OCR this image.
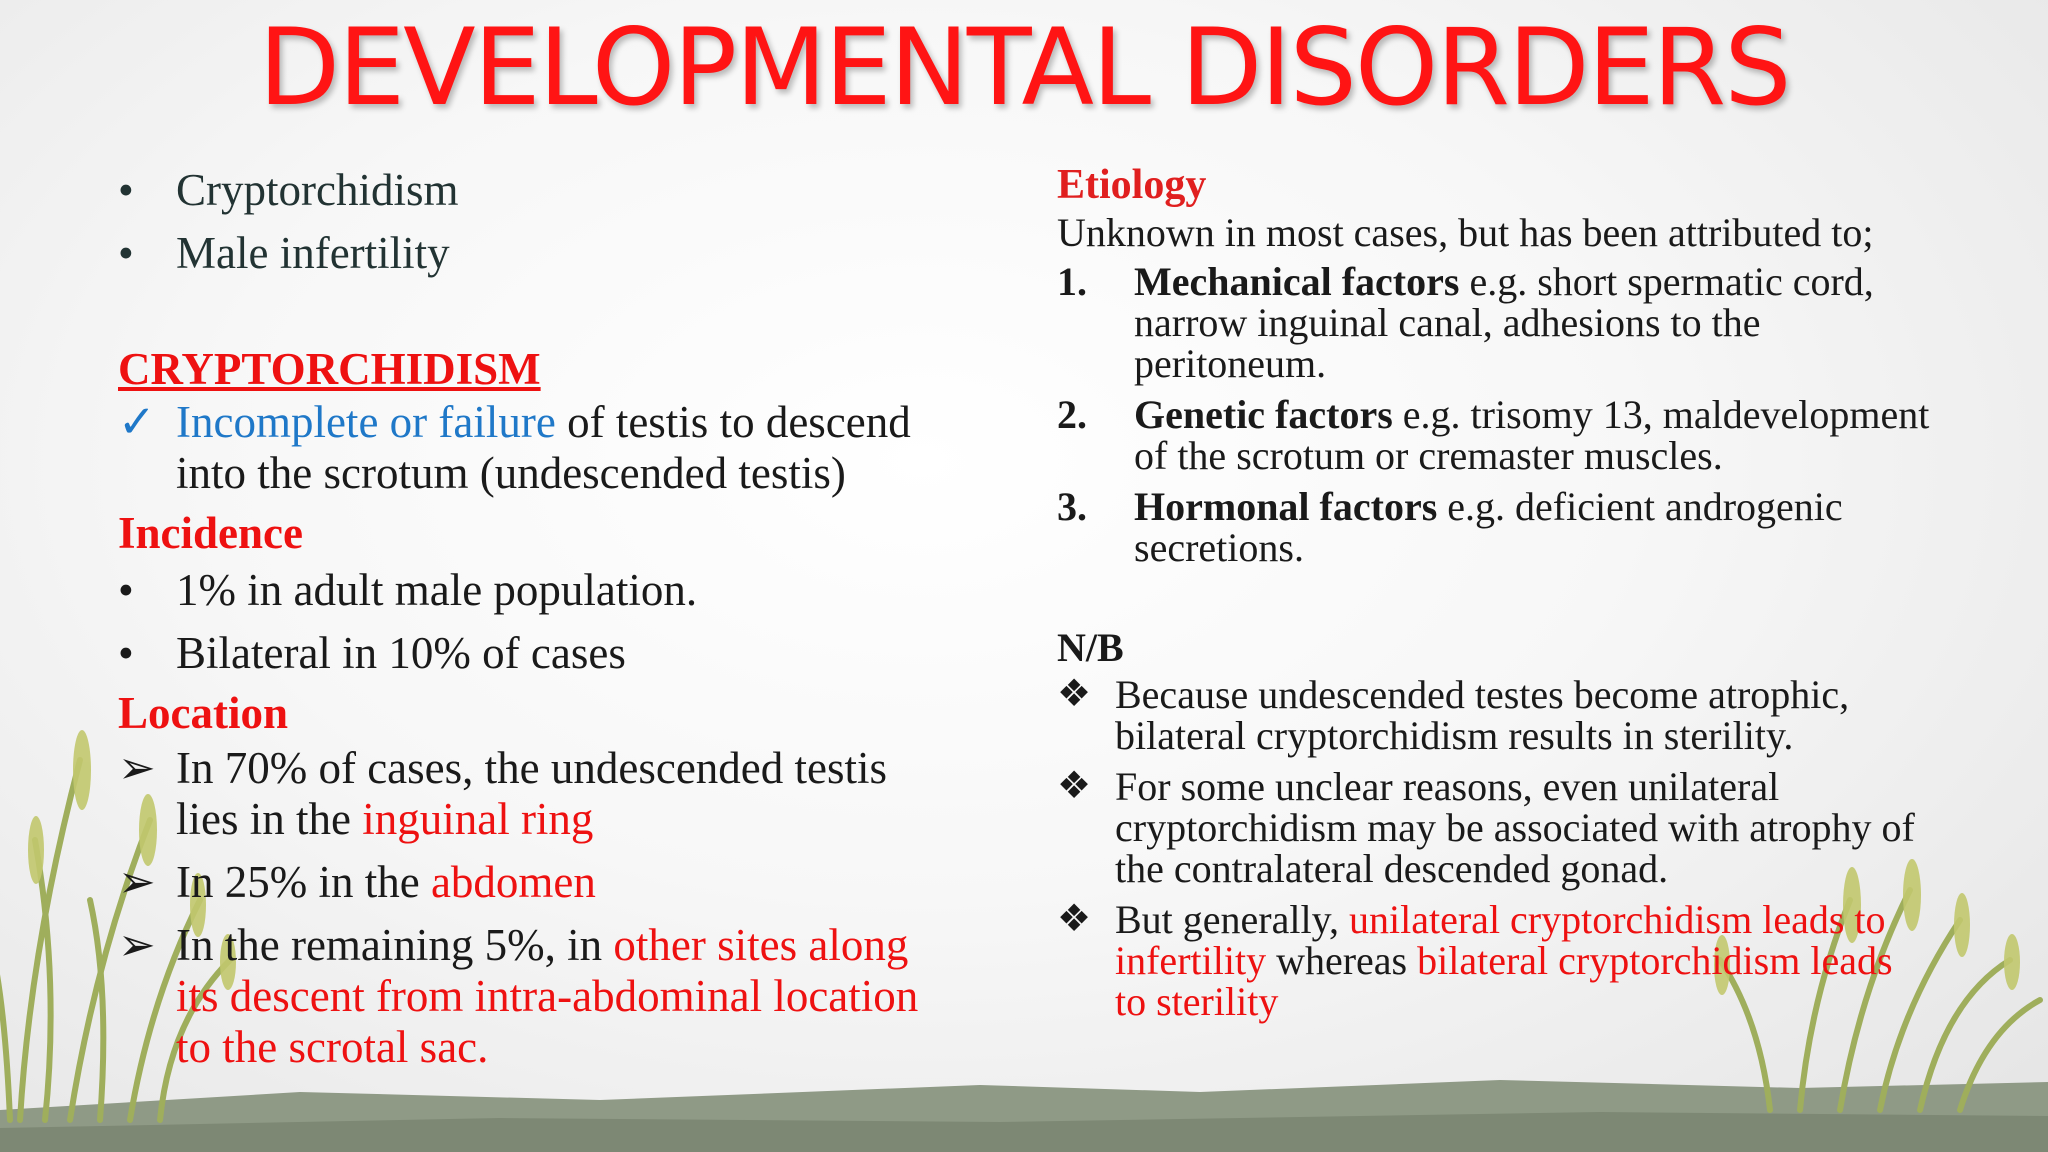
DEVELOPMENTAL DISORDERS
• Cryptorchidism
• Male infertility
CRYPTORCHIDISM
✓ Incomplete or failure of testis to descend
into the scrotum (undescended testis)
Incidence
• 1% in adult male population.
• Bilateral in 10% of cases
Location
➢ In 70% of cases, the undescended testis
lies in the inguinal ring
➢ In 25% in the abdomen
➢ In the remaining 5%, in other sites along
its descent from intra-abdominal location
to the scrotal sac.
Etiology
Unknown in most cases, but has been attributed to;
1.	Mechanical factors e.g. short spermatic cord,
narrow inguinal canal, adhesions to the
peritoneum.
2.	Genetic factors e.g. trisomy 13, maldevelopment
of the scrotum or cremaster muscles.
3.	Hormonal factors e.g. deficient androgenic
secretions.
N/B
❖ Because undescended testes become atrophic,
bilateral cryptorchidism results in sterility.
❖ For some unclear reasons, even unilateral
cryptorchidism may be associated with atrophy of
the contralateral descended gonad.
❖ But generally, unilateral cryptorchidism leads to
infertility whereas bilateral cryptorchidism leads
to sterility
